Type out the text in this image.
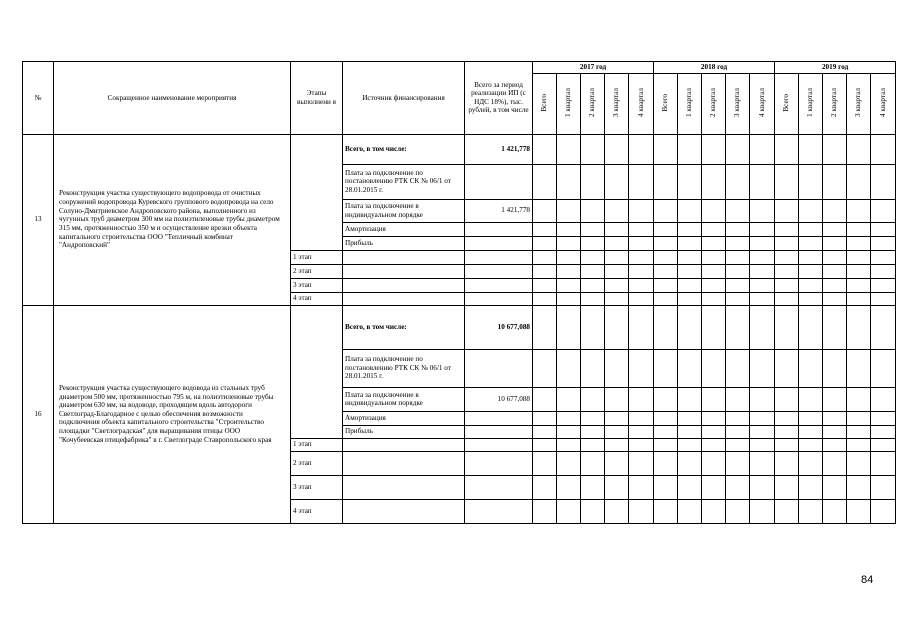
№	Сокращенное наименование мероприятия	Этапы выполнени я	Источник финансирования	Всего за период реализации ИП (с НДС 18%), тыс. рублей, в том числе	2017 год					2018 год					2019 год				
					Всего	1 квартал	2 квартал	3 квартал	4 квартал	Всего	1 квартал	2 квартал	3 квартал	4 квартал	Всего	1 квартал	2 квартал	3 квартал	4 квартал
13	Реконструкция участка существующего водопровода от очистных сооружений водопровода Куревского группового водопровода на село Солуно-Дмитриевское Андроповского района, выполненного из чугунных труб диаметром 300 мм на полиэтиленовые трубы диаметром 315 мм, протяженностью 350 м и осуществление врезки объекта капитального строительства ООО "Тепличный комбинат "Андроповский"		Всего, в том числе:	1 421,778															
			Плата за подключение по постановлению РТК СК № 06/1 от 28.01.2015 г.																
			Плата за подключение в индивидуальном порядке	1 421,778															
			Амортизация																
			Прибыль																
		1 этап																	
		2 этап																	
		3 этап																	
		4 этап																	
16	Реконструкция участка существующего водовода из стальных труб диаметром 500 мм, протяженностью 795 м, на полиэтиленовые трубы диаметром 630 мм, на водоводе, проходящем вдоль автодороги Светлоград-Благодарное с целью обеспечения возможности подключения объекта капитального строительства "Строительство площадки "Светлоградская" для выращивания птицы ООО "Кочубеевская птицефабрика" в г. Светлограде Ставропольского края		Всего, в том числе:	10 677,088															
			Плата за подключение по постановлению РТК СК № 06/1 от 28.01.2015 г.																
			Плата за подключение в индивидуальном порядке	10 677,088															
			Амортизация																
			Прибыль																
		1 этап																	
		2 этап																	
		3 этап																	
		4 этап																	
84
